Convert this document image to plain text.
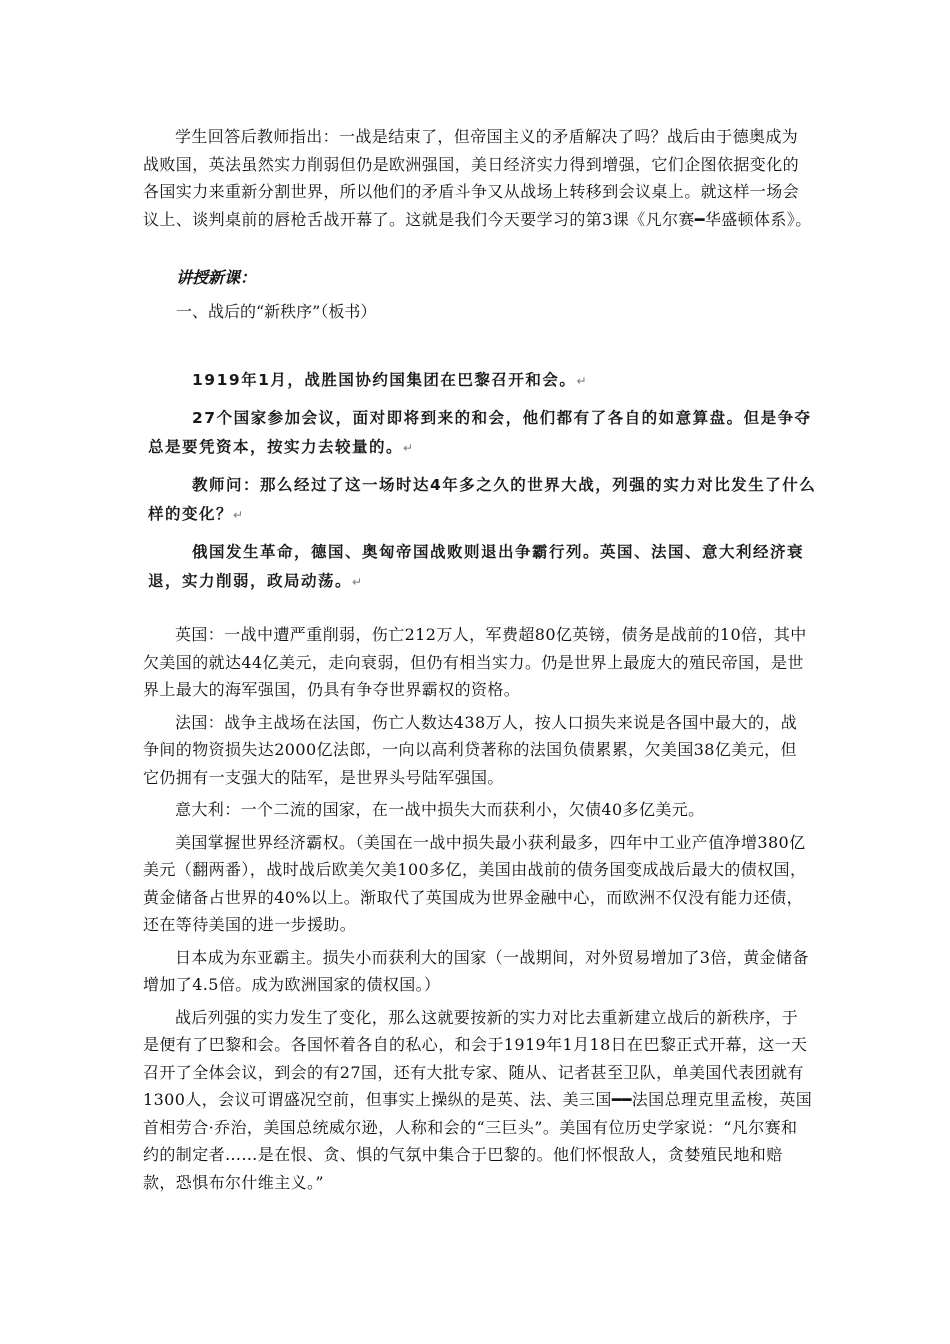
学生回答后教师指出：一战是结束了，但帝国主义的矛盾解决了吗？战后由于德奥成为战败国，英法虽然实力削弱但仍是欧洲强国，美日经济实力得到增强，它们企图依据变化的各国实力来重新分割世界，所以他们的矛盾斗争又从战场上转移到会议桌上。就这样一场会议上、谈判桌前的唇枪舌战开幕了。这就是我们今天要学习的第3课《凡尔赛━华盛顿体系》。

讲授新课：
一、战后的“新秩序”（板书）

1919年1月，战胜国协约国集团在巴黎召开和会。↵

27个国家参加会议，面对即将到来的和会，他们都有了各自的如意算盘。但是争夺总是要凭资本，按实力去较量的。↵

教师问：那么经过了这一场时达4年多之久的世界大战，列强的实力对比发生了什么样的变化？↵

俄国发生革命，德国、奥匈帝国战败则退出争霸行列。英国、法国、意大利经济衰退，实力削弱，政局动荡。↵

英国：一战中遭严重削弱，伤亡212万人，军费超80亿英镑，债务是战前的10倍，其中欠美国的就达44亿美元，走向衰弱，但仍有相当实力。仍是世界上最庞大的殖民帝国，是世界上最大的海军强国，仍具有争夺世界霸权的资格。

法国：战争主战场在法国，伤亡人数达438万人，按人口损失来说是各国中最大的，战争间的物资损失达2000亿法郎，一向以高利贷著称的法国负债累累，欠美国38亿美元，但它仍拥有一支强大的陆军，是世界头号陆军强国。

意大利：一个二流的国家，在一战中损失大而获利小，欠债40多亿美元。

美国掌握世界经济霸权。（美国在一战中损失最小获利最多，四年中工业产值净增380亿美元（翻两番），战时战后欧美欠美100多亿，美国由战前的债务国变成战后最大的债权国，黄金储备占世界的40%以上。渐取代了英国成为世界金融中心，而欧洲不仅没有能力还债，还在等待美国的进一步援助。

日本成为东亚霸主。损失小而获利大的国家（一战期间，对外贸易增加了3倍，黄金储备增加了4.5倍。成为欧洲国家的债权国。）

战后列强的实力发生了变化，那么这就要按新的实力对比去重新建立战后的新秩序，于是便有了巴黎和会。各国怀着各自的私心，和会于1919年1月18日在巴黎正式开幕，这一天召开了全体会议，到会的有27国，还有大批专家、随从、记者甚至卫队，单美国代表团就有1300人，会议可谓盛况空前，但事实上操纵的是英、法、美三国━━法国总理克里孟梭，英国首相劳合·乔治，美国总统威尔逊，人称和会的“三巨头”。美国有位历史学家说：“凡尔赛和约的制定者……是在恨、贪、惧的气氛中集合于巴黎的。他们怀恨敌人，贪婪殖民地和赔款，恐惧布尔什维主义。”
